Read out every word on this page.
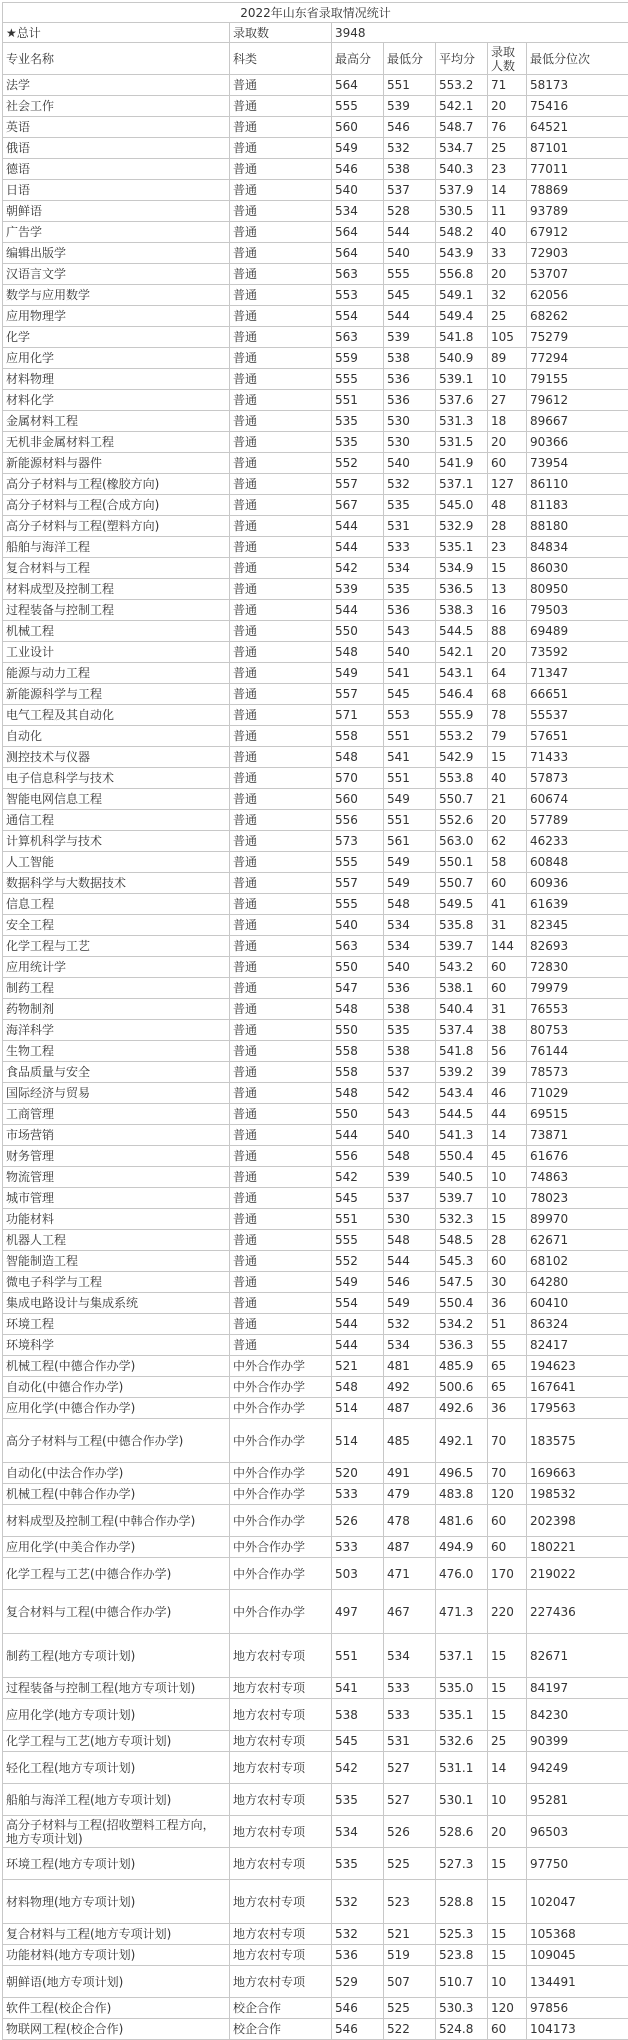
2022年山东省录取情况统计						
★总计	录取数	3948				
专业名称	科类	最高分	最低分	平均分	录取人数	最低分位次
法学	普通	564	551	553.2	71	58173
社会工作	普通	555	539	542.1	20	75416
英语	普通	560	546	548.7	76	64521
俄语	普通	549	532	534.7	25	87101
德语	普通	546	538	540.3	23	77011
日语	普通	540	537	537.9	14	78869
朝鲜语	普通	534	528	530.5	11	93789
广告学	普通	564	544	548.2	40	67912
编辑出版学	普通	564	540	543.9	33	72903
汉语言文学	普通	563	555	556.8	20	53707
数学与应用数学	普通	553	545	549.1	32	62056
应用物理学	普通	554	544	549.4	25	68262
化学	普通	563	539	541.8	105	75279
应用化学	普通	559	538	540.9	89	77294
材料物理	普通	555	536	539.1	10	79155
材料化学	普通	551	536	537.6	27	79612
金属材料工程	普通	535	530	531.3	18	89667
无机非金属材料工程	普通	535	530	531.5	20	90366
新能源材料与器件	普通	552	540	541.9	60	73954
高分子材料与工程(橡胶方向)	普通	557	532	537.1	127	86110
高分子材料与工程(合成方向)	普通	567	535	545.0	48	81183
高分子材料与工程(塑料方向)	普通	544	531	532.9	28	88180
船舶与海洋工程	普通	544	533	535.1	23	84834
复合材料与工程	普通	542	534	534.9	15	86030
材料成型及控制工程	普通	539	535	536.5	13	80950
过程装备与控制工程	普通	544	536	538.3	16	79503
机械工程	普通	550	543	544.5	88	69489
工业设计	普通	548	540	542.1	20	73592
能源与动力工程	普通	549	541	543.1	64	71347
新能源科学与工程	普通	557	545	546.4	68	66651
电气工程及其自动化	普通	571	553	555.9	78	55537
自动化	普通	558	551	553.2	79	57651
测控技术与仪器	普通	548	541	542.9	15	71433
电子信息科学与技术	普通	570	551	553.8	40	57873
智能电网信息工程	普通	560	549	550.7	21	60674
通信工程	普通	556	551	552.6	20	57789
计算机科学与技术	普通	573	561	563.0	62	46233
人工智能	普通	555	549	550.1	58	60848
数据科学与大数据技术	普通	557	549	550.7	60	60936
信息工程	普通	555	548	549.5	41	61639
安全工程	普通	540	534	535.8	31	82345
化学工程与工艺	普通	563	534	539.7	144	82693
应用统计学	普通	550	540	543.2	60	72830
制药工程	普通	547	536	538.1	60	79979
药物制剂	普通	548	538	540.4	31	76553
海洋科学	普通	550	535	537.4	38	80753
生物工程	普通	558	538	541.8	56	76144
食品质量与安全	普通	558	537	539.2	39	78573
国际经济与贸易	普通	548	542	543.4	46	71029
工商管理	普通	550	543	544.5	44	69515
市场营销	普通	544	540	541.3	14	73871
财务管理	普通	556	548	550.4	45	61676
物流管理	普通	542	539	540.5	10	74863
城市管理	普通	545	537	539.7	10	78023
功能材料	普通	551	530	532.3	15	89970
机器人工程	普通	555	548	548.5	28	62671
智能制造工程	普通	552	544	545.3	60	68102
微电子科学与工程	普通	549	546	547.5	30	64280
集成电路设计与集成系统	普通	554	549	550.4	36	60410
环境工程	普通	544	532	534.2	51	86324
环境科学	普通	544	534	536.3	55	82417
机械工程(中德合作办学)	中外合作办学	521	481	485.9	65	194623
自动化(中德合作办学)	中外合作办学	548	492	500.6	65	167641
应用化学(中德合作办学)	中外合作办学	514	487	492.6	36	179563
高分子材料与工程(中德合作办学)	中外合作办学	514	485	492.1	70	183575
自动化(中法合作办学)	中外合作办学	520	491	496.5	70	169663
机械工程(中韩合作办学)	中外合作办学	533	479	483.8	120	198532
材料成型及控制工程(中韩合作办学)	中外合作办学	526	478	481.6	60	202398
应用化学(中美合作办学)	中外合作办学	533	487	494.9	60	180221
化学工程与工艺(中德合作办学)	中外合作办学	503	471	476.0	170	219022
复合材料与工程(中德合作办学)	中外合作办学	497	467	471.3	220	227436
制药工程(地方专项计划)	地方农村专项	551	534	537.1	15	82671
过程装备与控制工程(地方专项计划)	地方农村专项	541	533	535.0	15	84197
应用化学(地方专项计划)	地方农村专项	538	533	535.1	15	84230
化学工程与工艺(地方专项计划)	地方农村专项	545	531	532.6	25	90399
轻化工程(地方专项计划)	地方农村专项	542	527	531.1	14	94249
船舶与海洋工程(地方专项计划)	地方农村专项	535	527	530.1	10	95281
高分子材料与工程(招收塑料工程方向，地方专项计划)	地方农村专项	534	526	528.6	20	96503
环境工程(地方专项计划)	地方农村专项	535	525	527.3	15	97750
材料物理(地方专项计划)	地方农村专项	532	523	528.8	15	102047
复合材料与工程(地方专项计划)	地方农村专项	532	521	525.3	15	105368
功能材料(地方专项计划)	地方农村专项	536	519	523.8	15	109045
朝鲜语(地方专项计划)	地方农村专项	529	507	510.7	10	134491
软件工程(校企合作)	校企合作	546	525	530.3	120	97856
物联网工程(校企合作)	校企合作	546	522	524.8	60	104173
